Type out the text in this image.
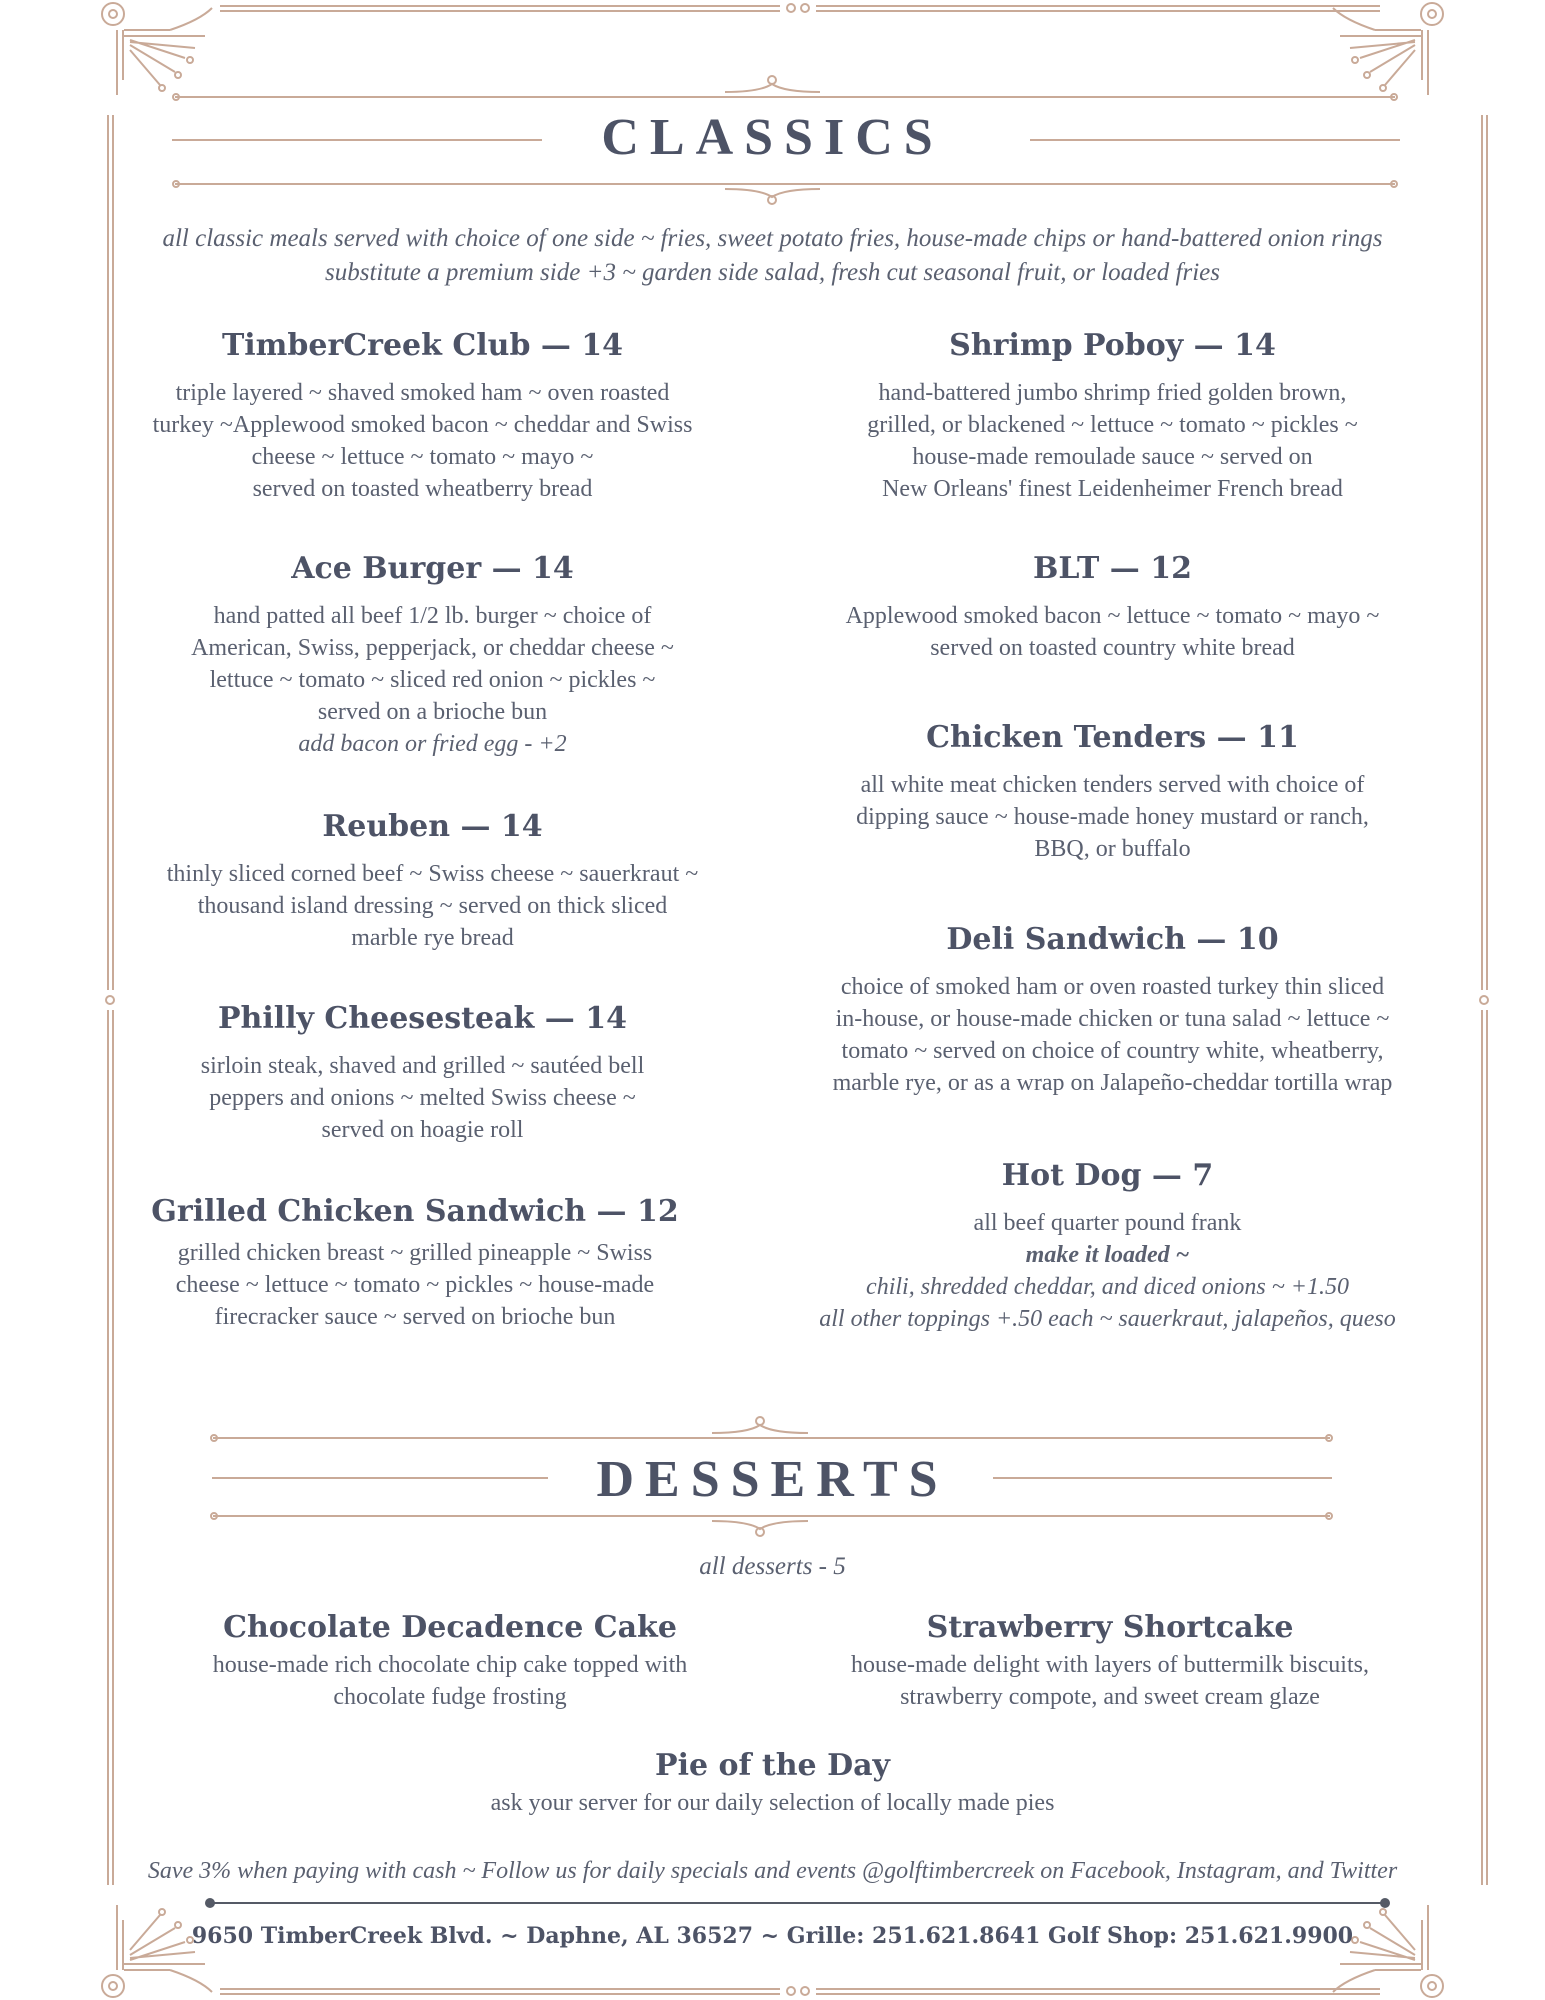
CLASSICS
all classic meals served with choice of one side ~ fries, sweet potato fries, house-made chips or hand-battered onion rings
substitute a premium side +3 ~ garden side salad, fresh cut seasonal fruit, or loaded fries
TimberCreek Club — 14
triple layered ~ shaved smoked ham ~ oven roasted
turkey ~Applewood smoked bacon ~ cheddar and Swiss
cheese ~ lettuce ~ tomato ~ mayo ~
served on toasted wheatberry bread
Ace Burger — 14
hand patted all beef 1/2 lb. burger ~ choice of
American, Swiss, pepperjack, or cheddar cheese ~
lettuce ~ tomato ~ sliced red onion ~ pickles ~
served on a brioche bun
add bacon or fried egg - +2
Reuben — 14
thinly sliced corned beef ~ Swiss cheese ~ sauerkraut ~
thousand island dressing ~ served on thick sliced
marble rye bread
Philly Cheesesteak — 14
sirloin steak, shaved and grilled ~ sautéed bell
peppers and onions ~ melted Swiss cheese ~
served on hoagie roll
Grilled Chicken Sandwich — 12
grilled chicken breast ~ grilled pineapple ~ Swiss
cheese ~ lettuce ~ tomato ~ pickles ~ house-made
firecracker sauce ~ served on brioche bun
Shrimp Poboy — 14
hand-battered jumbo shrimp fried golden brown,
grilled, or blackened ~ lettuce ~ tomato ~ pickles ~
house-made remoulade sauce ~ served on
New Orleans' finest Leidenheimer French bread
BLT — 12
Applewood smoked bacon ~ lettuce ~ tomato ~ mayo ~
served on toasted country white bread
Chicken Tenders — 11
all white meat chicken tenders served with choice of
dipping sauce ~ house-made honey mustard or ranch,
BBQ, or buffalo
Deli Sandwich — 10
choice of smoked ham or oven roasted turkey thin sliced
in-house, or house-made chicken or tuna salad ~ lettuce ~
tomato ~ served on choice of country white, wheatberry,
marble rye, or as a wrap on Jalapeño-cheddar tortilla wrap
Hot Dog — 7
all beef quarter pound frank
make it loaded ~
chili, shredded cheddar, and diced onions ~ +1.50
all other toppings +.50 each ~ sauerkraut, jalapeños, queso
DESSERTS
all desserts - 5
Chocolate Decadence Cake
house-made rich chocolate chip cake topped with
chocolate fudge frosting
Strawberry Shortcake
house-made delight with layers of buttermilk biscuits,
strawberry compote, and sweet cream glaze
Pie of the Day
ask your server for our daily selection of locally made pies
Save 3% when paying with cash ~ Follow us for daily specials and events @golftimbercreek on Facebook, Instagram, and Twitter
9650 TimberCreek Blvd. ~ Daphne, AL 36527 ~ Grille: 251.621.8641 Golf Shop: 251.621.9900
